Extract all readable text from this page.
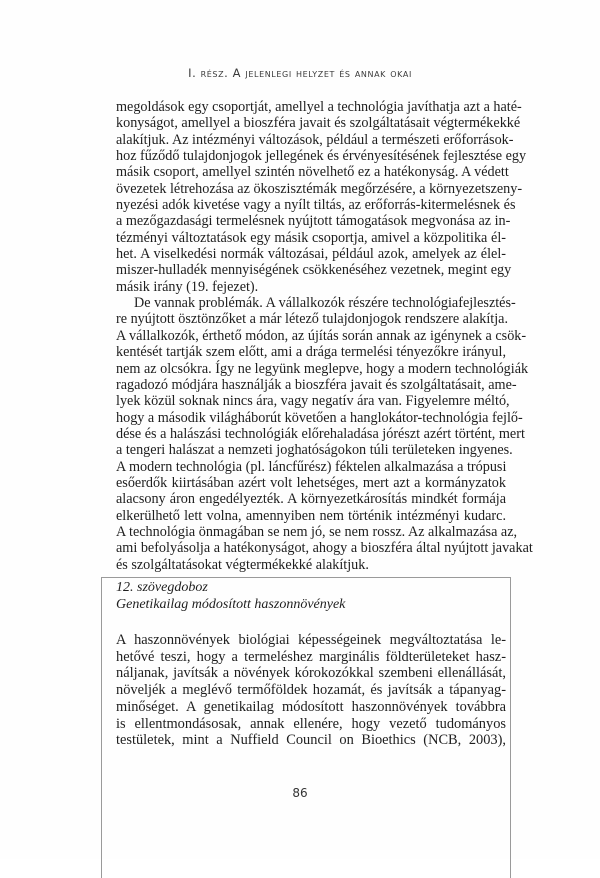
I. rész. A jelenlegi helyzet és annak okai

megoldások egy csoportját, amellyel a technológia javíthatja azt a haté-
konyságot, amellyel a bioszféra javait és szolgáltatásait végtermékekké
alakítjuk. Az intézményi változások, például a természeti erőforrások-
hoz fűződő tulajdonjogok jellegének és érvényesítésének fejlesztése egy
másik csoport, amellyel szintén növelhető ez a hatékonyság. A védett
övezetek létrehozása az ökoszisztémák megőrzésére, a környezetszeny-
nyezési adók kivetése vagy a nyílt tiltás, az erőforrás-kitermelésnek és
a mezőgazdasági termelésnek nyújtott támogatások megvonása az in-
tézményi változtatások egy másik csoportja, amivel a közpolitika él-
het. A viselkedési normák változásai, például azok, amelyek az élel-
miszer-hulladék mennyiségének csökkenéséhez vezetnek, megint egy
másik irány (19. fejezet).

De vannak problémák. A vállalkozók részére technológiafejlesztés-
re nyújtott ösztönzőket a már létező tulajdonjogok rendszere alakítja.
A vállalkozók, érthető módon, az újítás során annak az igénynek a csök-
kentését tartják szem előtt, ami a drága termelési tényezőkre irányul,
nem az olcsókra. Így ne legyünk meglepve, hogy a modern technológiák
ragadozó módjára használják a bioszféra javait és szolgáltatásait, ame-
lyek közül soknak nincs ára, vagy negatív ára van. Figyelemre méltó,
hogy a második világháborút követően a hanglokátor-technológia fejlő-
dése és a halászási technológiák előrehaladása jórészt azért történt, mert
a tengeri halászat a nemzeti joghatóságokon túli területeken ingyenes.
A modern technológia (pl. láncfűrész) féktelen alkalmazása a trópusi
esőerdők kiirtásában azért volt lehetséges, mert azt a kormányzatok
alacsony áron engedélyezték. A környezetkárosítás mindkét formája
elkerülhető lett volna, amennyiben nem történik intézményi kudarc.
A technológia önmagában se nem jó, se nem rossz. Az alkalmazása az,
ami befolyásolja a hatékonyságot, ahogy a bioszféra által nyújtott javakat
és szolgáltatásokat végtermékekké alakítjuk.

12. szövegdoboz
Genetikailag módosított haszonnövények
A haszonnövények biológiai képességeinek megváltoztatása le-
hetővé teszi, hogy a termeléshez marginális földterületeket hasz-
náljanak, javítsák a növények kórokozókkal szembeni ellenállását,
növeljék a meglévő termőföldek hozamát, és javítsák a tápanyag-
minőséget. A genetikailag módosított haszonnövények továbbra
is ellentmondásosak, annak ellenére, hogy vezető tudományos
testületek, mint a Nuffield Council on Bioethics (NCB, 2003),
86
